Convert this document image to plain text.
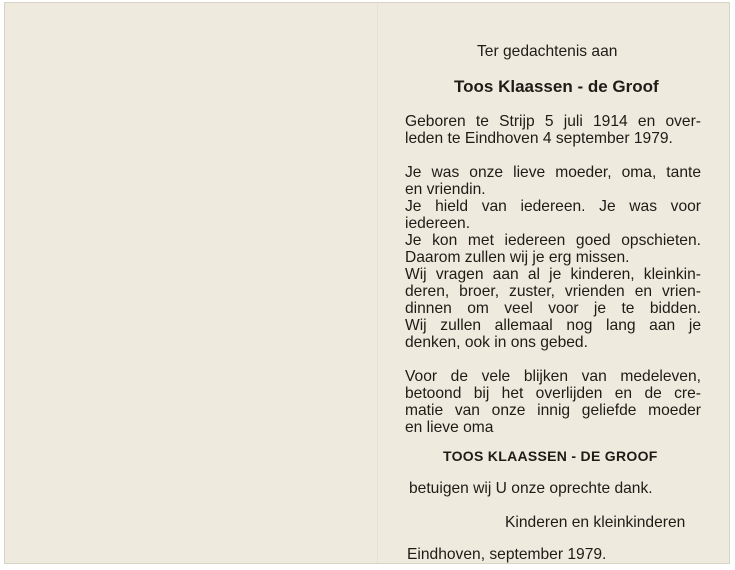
Ter gedachtenis aan
Toos Klaassen - de Groof
Geboren te Strijp 5 juli 1914 en over-
leden te Eindhoven 4 september 1979.
Je was onze lieve moeder, oma, tante
en vriendin.
Je hield van iedereen. Je was voor
iedereen.
Je kon met iedereen goed opschieten.
Daarom zullen wij je erg missen.
Wij vragen aan al je kinderen, kleinkin-
deren, broer, zuster, vrienden en vrien-
dinnen om veel voor je te bidden.
Wij zullen allemaal nog lang aan je
denken, ook in ons gebed.
Voor de vele blijken van medeleven,
betoond bij het overlijden en de cre-
matie van onze innig geliefde moeder
en lieve oma
TOOS KLAASSEN - DE GROOF
betuigen wij U onze oprechte dank.
Kinderen en kleinkinderen
Eindhoven, september 1979.
